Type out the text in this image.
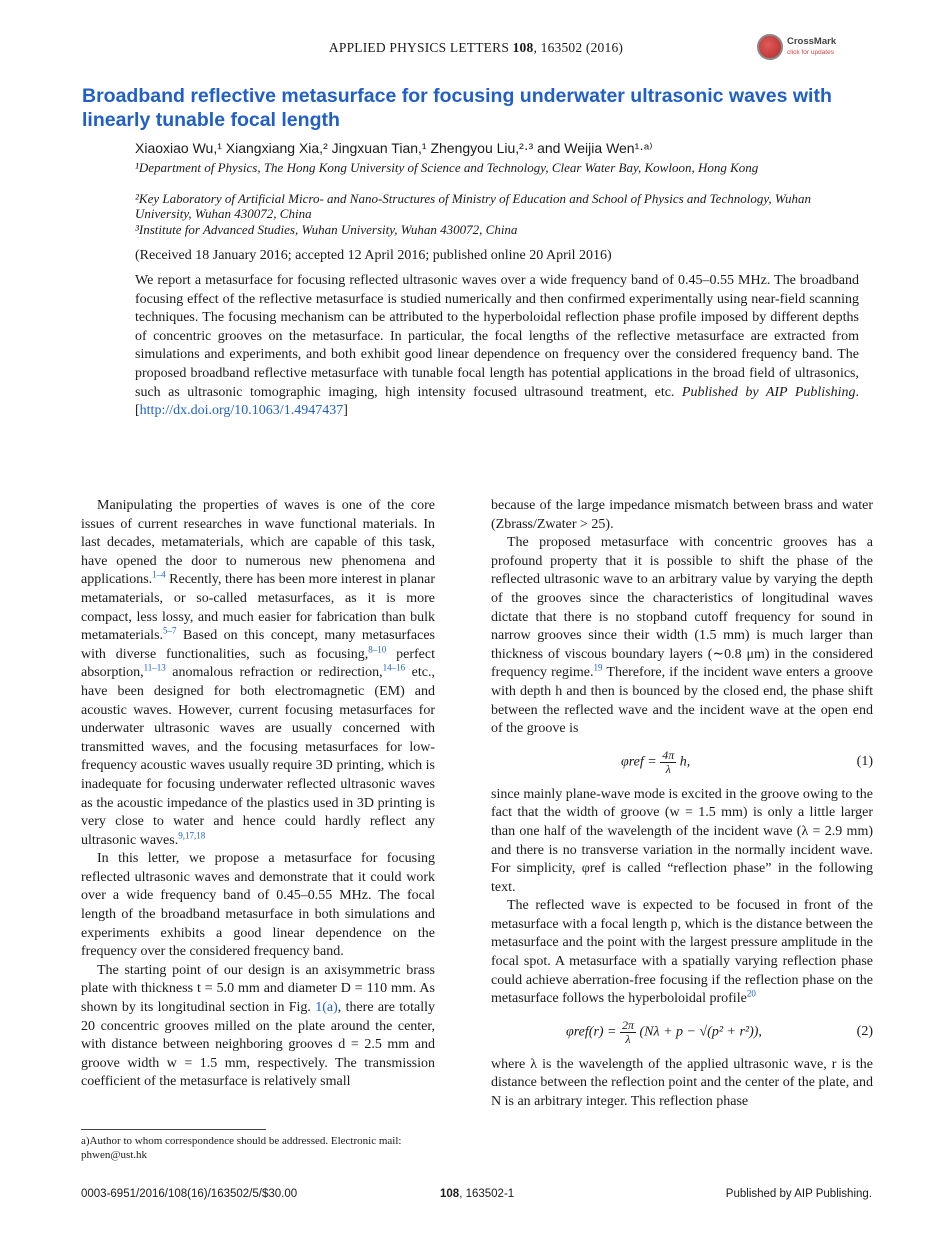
APPLIED PHYSICS LETTERS 108, 163502 (2016)	CrossMark
click for updates
Broadband reflective metasurface for focusing underwater ultrasonic waves with linearly tunable focal length
Xiaoxiao Wu,¹ Xiangxiang Xia,² Jingxuan Tian,¹ Zhengyou Liu,²·³ and Weijia Wen¹·ᵃ⁾
¹Department of Physics, The Hong Kong University of Science and Technology, Clear Water Bay, Kowloon, Hong Kong
²Key Laboratory of Artificial Micro- and Nano-Structures of Ministry of Education and School of Physics and Technology, Wuhan University, Wuhan 430072, China
³Institute for Advanced Studies, Wuhan University, Wuhan 430072, China
(Received 18 January 2016; accepted 12 April 2016; published online 20 April 2016)
We report a metasurface for focusing reflected ultrasonic waves over a wide frequency band of 0.45–0.55 MHz. The broadband focusing effect of the reflective metasurface is studied numerically and then confirmed experimentally using near-field scanning techniques. The focusing mechanism can be attributed to the hyperboloidal reflection phase profile imposed by different depths of concentric grooves on the metasurface. In particular, the focal lengths of the reflective metasurface are extracted from simulations and experiments, and both exhibit good linear dependence on frequency over the considered frequency band. The proposed broadband reflective metasurface with tunable focal length has potential applications in the broad field of ultrasonics, such as ultrasonic tomographic imaging, high intensity focused ultrasound treatment, etc. Published by AIP Publishing. [http://dx.doi.org/10.1063/1.4947437]

Manipulating the properties of waves is one of the core issues of current researches in wave functional materials. In last decades, metamaterials, which are capable of this task, have opened the door to numerous new phenomena and applications.$^{1-4}$ Recently, there has been more interest in planar metamaterials, or so-called metasurfaces, as it is more compact, less lossy, and much easier for fabrication than bulk metamaterials.$^{5-7}$ Based on this concept, many metasurfaces with diverse functionalities, such as focusing,$^{8-10}$ perfect absorption,$^{11-13}$ anomalous refraction or redirection,$^{14-16}$ etc., have been designed for both electromagnetic (EM) and acoustic waves. However, current focusing metasurfaces for underwater ultrasonic waves are usually concerned with transmitted waves, and the focusing metasurfaces for low-frequency acoustic waves usually require 3D printing, which is inadequate for focusing underwater reflected ultrasonic waves as the acoustic impedance of the plastics used in 3D printing is very close to water and hence could hardly reflect any ultrasonic waves.$^{9,17,18}$

In this letter, we propose a metasurface for focusing reflected ultrasonic waves and demonstrate that it could work over a wide frequency band of 0.45–0.55 MHz. The focal length of the broadband metasurface in both simulations and experiments exhibits a good linear dependence on the frequency over the considered frequency band.

The starting point of our design is an axisymmetric brass plate with thickness t = 5.0 mm and diameter D = 110 mm. As shown by its longitudinal section in Fig. 1(a), there are totally 20 concentric grooves milled on the plate around the center, with distance between neighboring grooves d = 2.5 mm and groove width w = 1.5 mm, respectively. The transmission coefficient of the metasurface is relatively small

because of the large impedance mismatch between brass and water (Zbrass/Zwater > 25).

The proposed metasurface with concentric grooves has a profound property that it is possible to shift the phase of the reflected ultrasonic wave to an arbitrary value by varying the depth of the grooves since the characteristics of longitudinal waves dictate that there is no stopband cutoff frequency for sound in narrow grooves since their width (1.5 mm) is much larger than thickness of viscous boundary layers (∼0.8 μm) in the considered frequency regime.$^{19}$ Therefore, if the incident wave enters a groove with depth h and then is bounced by the closed end, the phase shift between the reflected wave and the incident wave at the open end of the groove is

$\varphi ref = \frac{4\pi}{\lambda} h$,	(1)

since mainly plane-wave mode is excited in the groove owing to the fact that the width of groove (w = 1.5 mm) is only a little larger than one half of the wavelength of the incident wave (λ = 2.9 mm) and there is no transverse variation in the normally incident wave. For simplicity, φref is called “reflection phase” in the following text.

The reflected wave is expected to be focused in front of the metasurface with a focal length p, which is the distance between the metasurface and the point with the largest pressure amplitude in the focal spot. A metasurface with a spatially varying reflection phase could achieve aberration-free focusing if the reflection phase on the metasurface follows the hyperboloidal profile$^{20}$

$\varphi ref(r) = \frac{2\pi}{\lambda} (N\lambda + p - √(p^2 + r^2))$,	(2)

where λ is the wavelength of the applied ultrasonic wave, r is the distance between the reflection point and the center of the plate, and N is an arbitrary integer. This reflection phase

a)Author to whom correspondence should be addressed. Electronic mail: phwen@ust.hk
0003-6951/2016/108(16)/163502/5/$30.00	108, 163502-1	Published by AIP Publishing.
